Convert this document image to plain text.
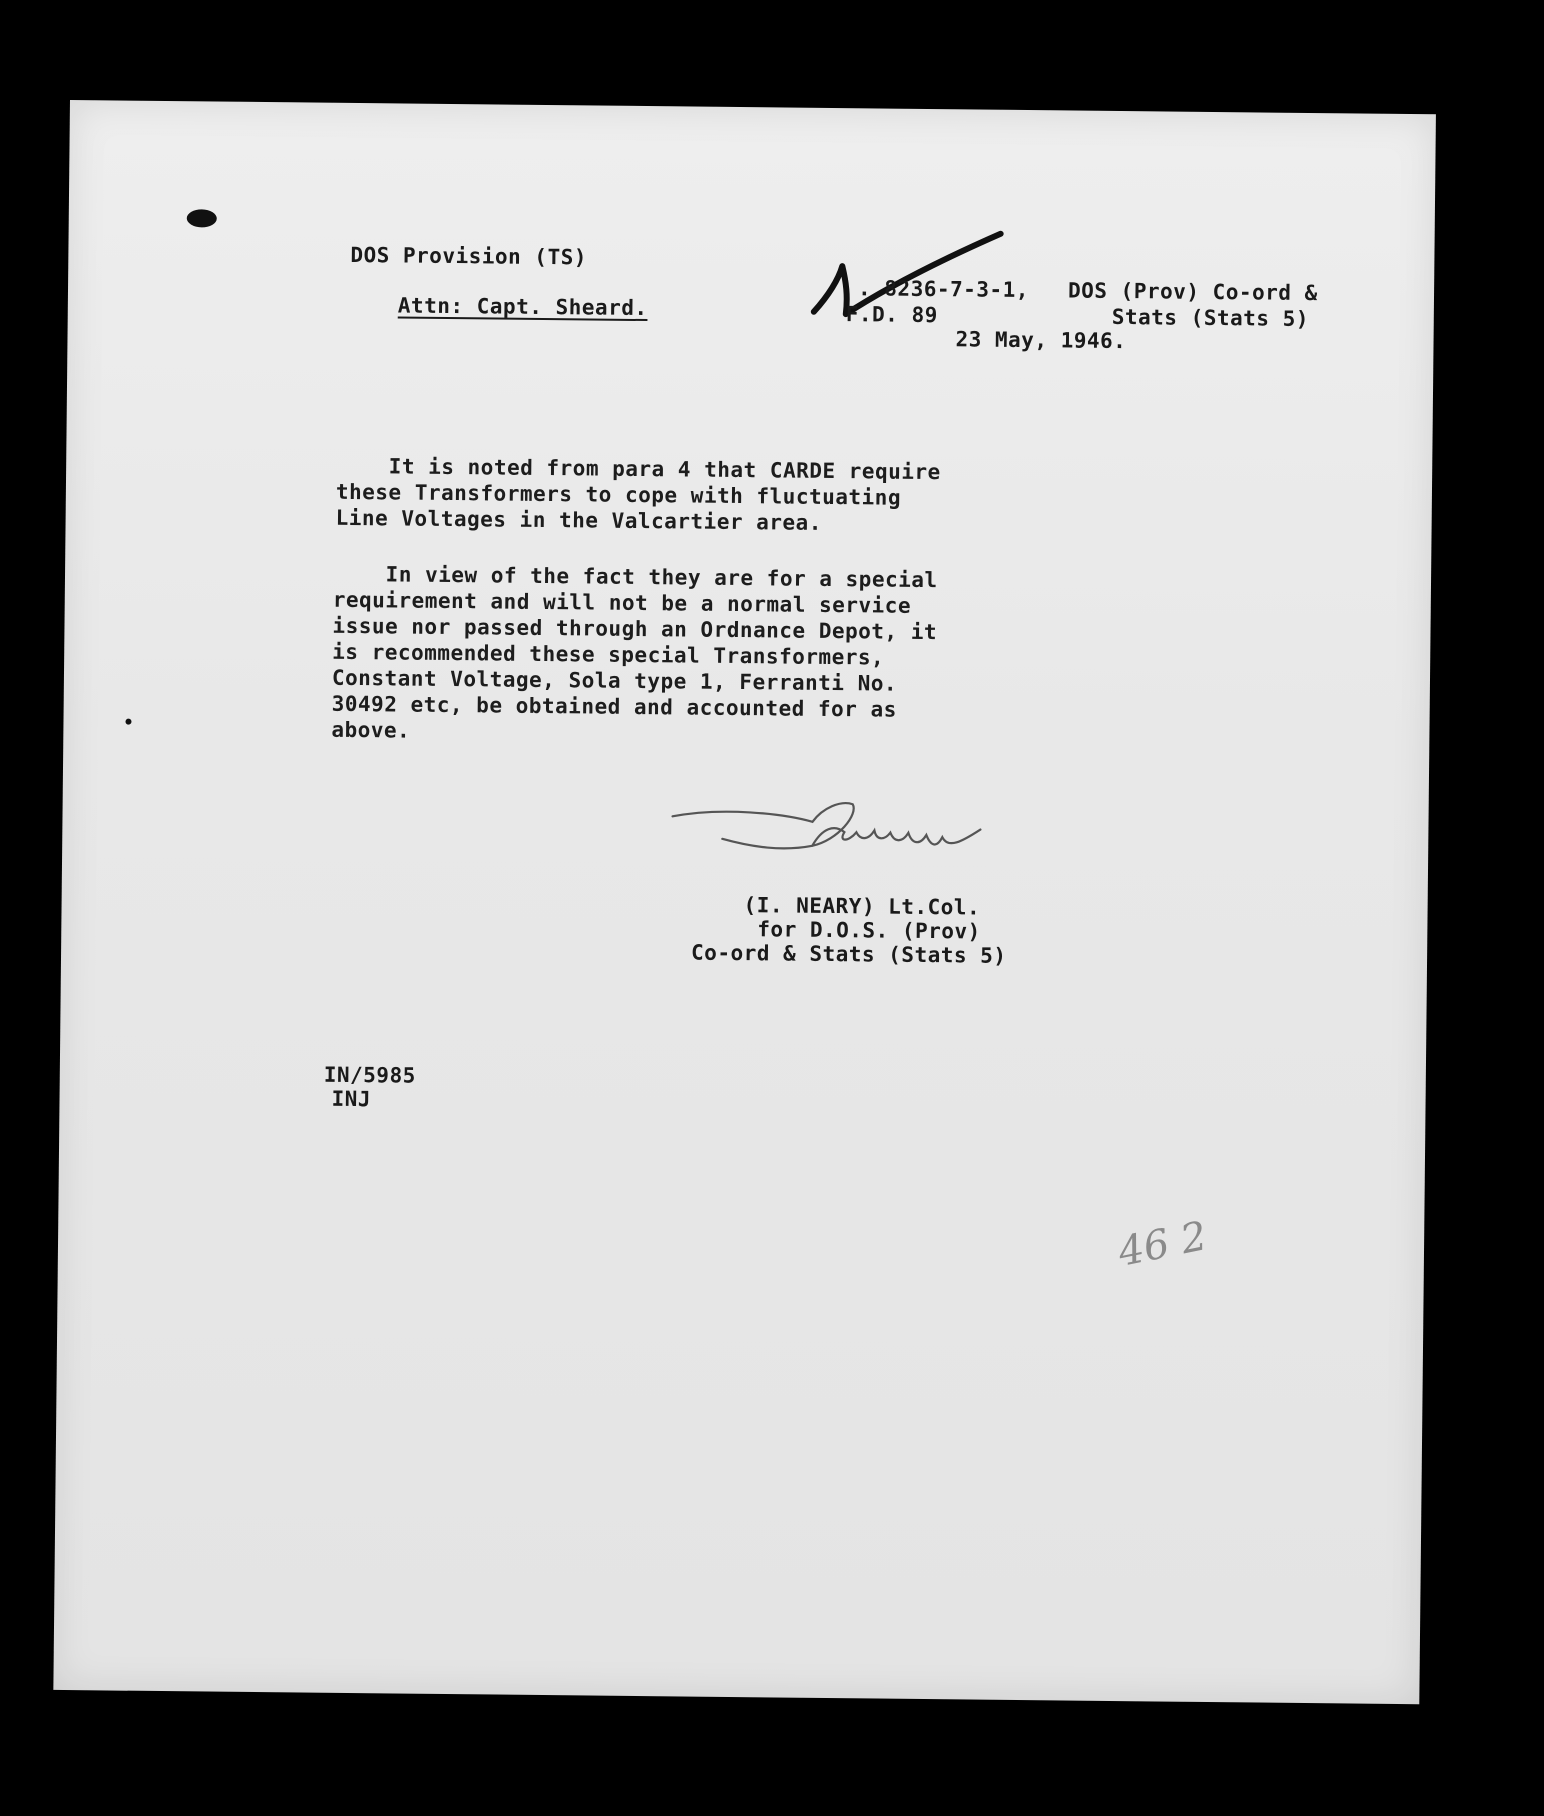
DOS Provision (TS)

Attn: Capt. Sheard.

. 8236-7-3-1, DOS (Prov) Co-ord &

F.D. 89	Stats (Stats 5)

23 May, 1946.

It is noted from para 4 that CARDE require
these Transformers to cope with fluctuating
Line Voltages in the Valcartier area.
In view of the fact they are for a special
requirement and will not be a normal service
issue nor passed through an Ordnance Depot, it
is recommended these special Transformers,
Constant Voltage, Sola type 1, Ferranti No.
30492 etc, be obtained and accounted for as
above.

(I. NEARY) Lt.Col.

for D.O.S. (Prov)

Co-ord & Stats (Stats 5)

IN/5985

INJ

46 2
